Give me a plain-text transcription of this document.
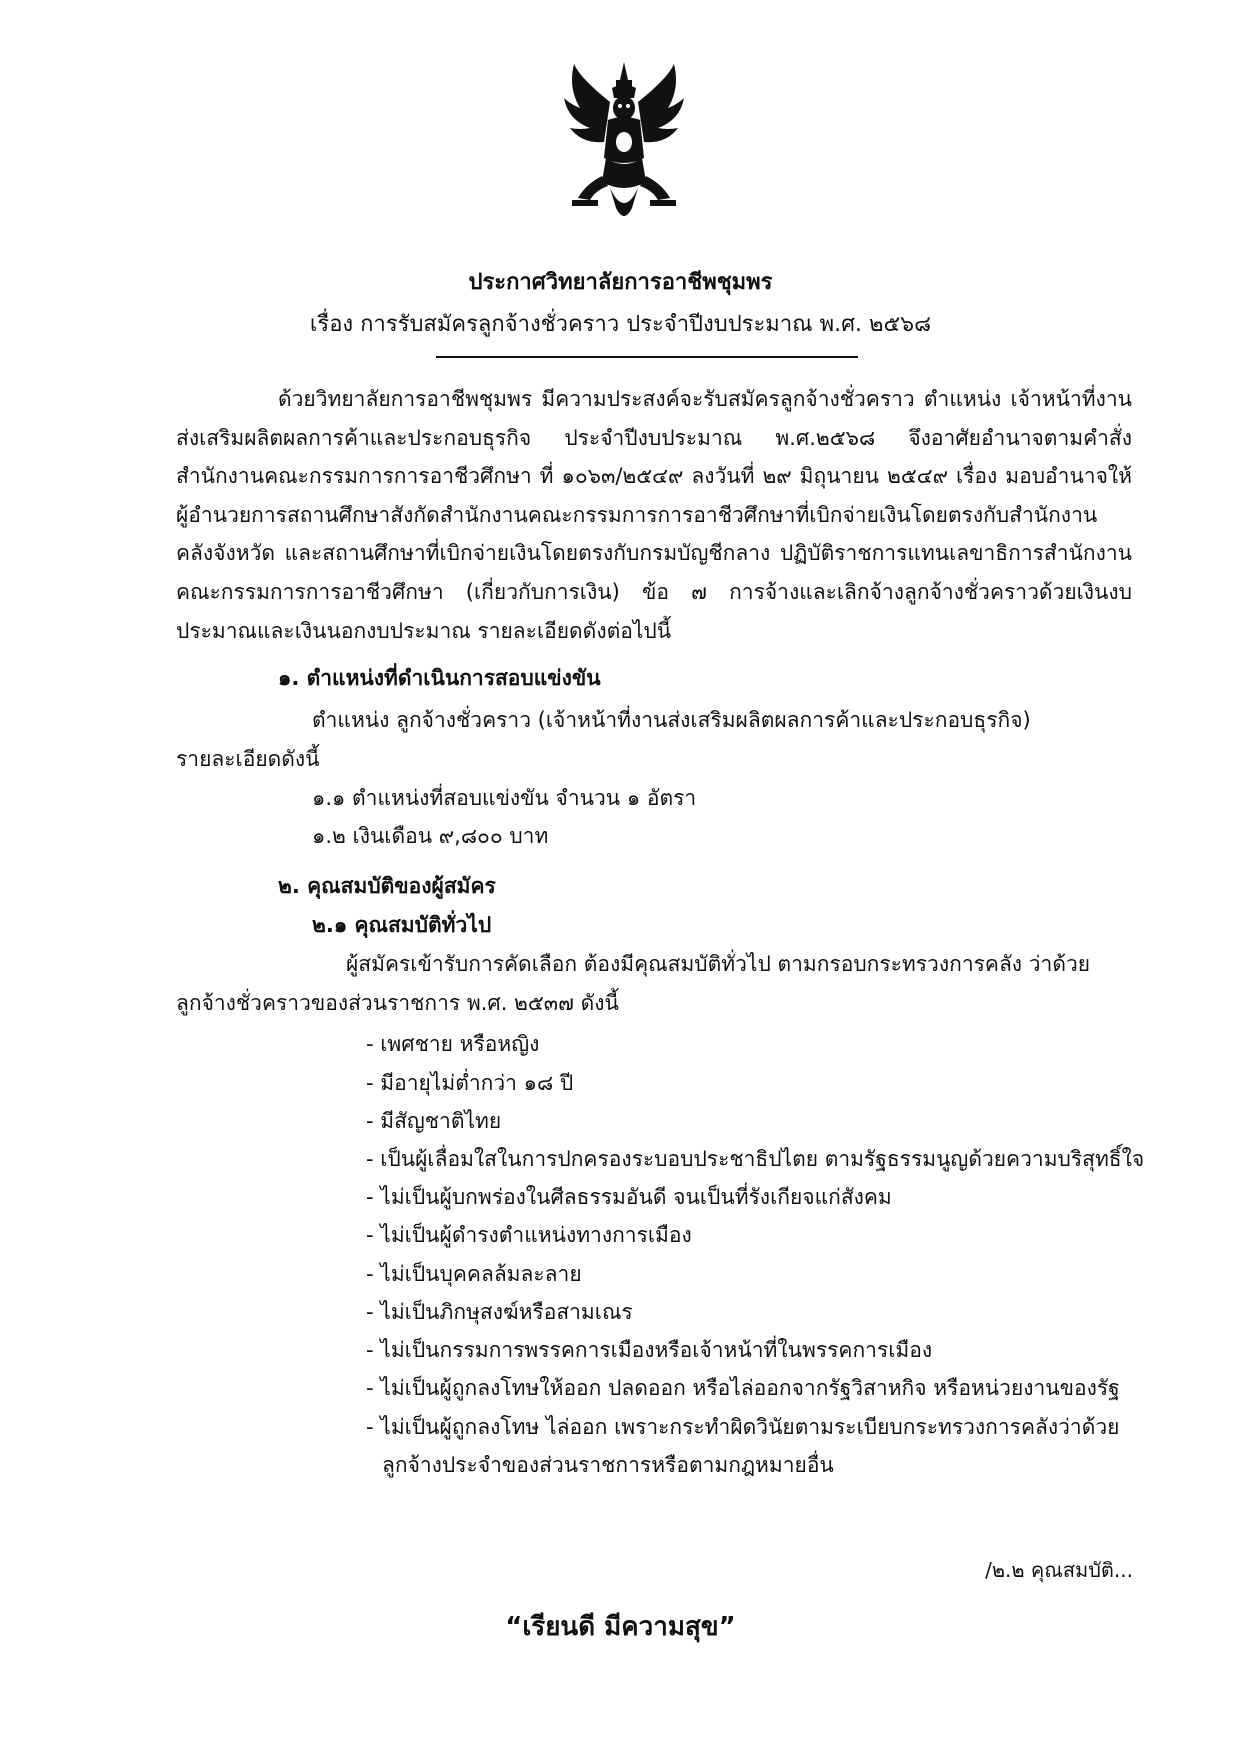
ประกาศวิทยาลัยการอาชีพชุมพร
เรื่อง การรับสมัครลูกจ้างชั่วคราว ประจำปีงบประมาณ พ.ศ. ๒๕๖๘
ด้วยวิทยาลัยการอาชีพชุมพร มีความประสงค์จะรับสมัครลูกจ้างชั่วคราว ตำแหน่ง เจ้าหน้าที่งานส่งเสริมผลิตผลการค้าและประกอบธุรกิจ ประจำปีงบประมาณ พ.ศ.๒๕๖๘ จึงอาศัยอำนาจตามคำสั่งสำนักงานคณะกรรมการการอาชีวศึกษา ที่ ๑๐๖๓/๒๕๔๙ ลงวันที่ ๒๙ มิถุนายน ๒๕๔๙ เรื่อง มอบอำนาจให้ผู้อำนวยการสถานศึกษาสังกัดสำนักงานคณะกรรมการการอาชีวศึกษาที่เบิกจ่ายเงินโดยตรงกับสำนักงานคลังจังหวัด และสถานศึกษาที่เบิกจ่ายเงินโดยตรงกับกรมบัญชีกลาง ปฏิบัติราชการแทนเลขาธิการสำนักงานคณะกรรมการการอาชีวศึกษา (เกี่ยวกับการเงิน) ข้อ ๗ การจ้างและเลิกจ้างลูกจ้างชั่วคราวด้วยเงินงบประมาณและเงินนอกงบประมาณ รายละเอียดดังต่อไปนี้
๑. ตำแหน่งที่ดำเนินการสอบแข่งขัน
ตำแหน่ง ลูกจ้างชั่วคราว (เจ้าหน้าที่งานส่งเสริมผลิตผลการค้าและประกอบธุรกิจ)
รายละเอียดดังนี้
๑.๑ ตำแหน่งที่สอบแข่งขัน จำนวน ๑ อัตรา
๑.๒ เงินเดือน ๙,๘๐๐ บาท
๒. คุณสมบัติของผู้สมัคร
๒.๑ คุณสมบัติทั่วไป
ผู้สมัครเข้ารับการคัดเลือก ต้องมีคุณสมบัติทั่วไป ตามกรอบกระทรวงการคลัง ว่าด้วย
ลูกจ้างชั่วคราวของส่วนราชการ พ.ศ. ๒๕๓๗ ดังนี้
- เพศชาย หรือหญิง
- มีอายุไม่ต่ำกว่า ๑๘ ปี
- มีสัญชาติไทย
- เป็นผู้เลื่อมใสในการปกครองระบอบประชาธิปไตย ตามรัฐธรรมนูญด้วยความบริสุทธิ์ใจ
- ไม่เป็นผู้บกพร่องในศีลธรรมอันดี จนเป็นที่รังเกียจแก่สังคม
- ไม่เป็นผู้ดำรงตำแหน่งทางการเมือง
- ไม่เป็นบุคคลล้มละลาย
- ไม่เป็นภิกษุสงฆ์หรือสามเณร
- ไม่เป็นกรรมการพรรคการเมืองหรือเจ้าหน้าที่ในพรรคการเมือง
- ไม่เป็นผู้ถูกลงโทษให้ออก ปลดออก หรือไล่ออกจากรัฐวิสาหกิจ หรือหน่วยงานของรัฐ
- ไม่เป็นผู้ถูกลงโทษ ไล่ออก เพราะกระทำผิดวินัยตามระเบียบกระทรวงการคลังว่าด้วย
ลูกจ้างประจำของส่วนราชการหรือตามกฎหมายอื่น
/๒.๒ คุณสมบัติ...
“เรียนดี มีความสุข”
